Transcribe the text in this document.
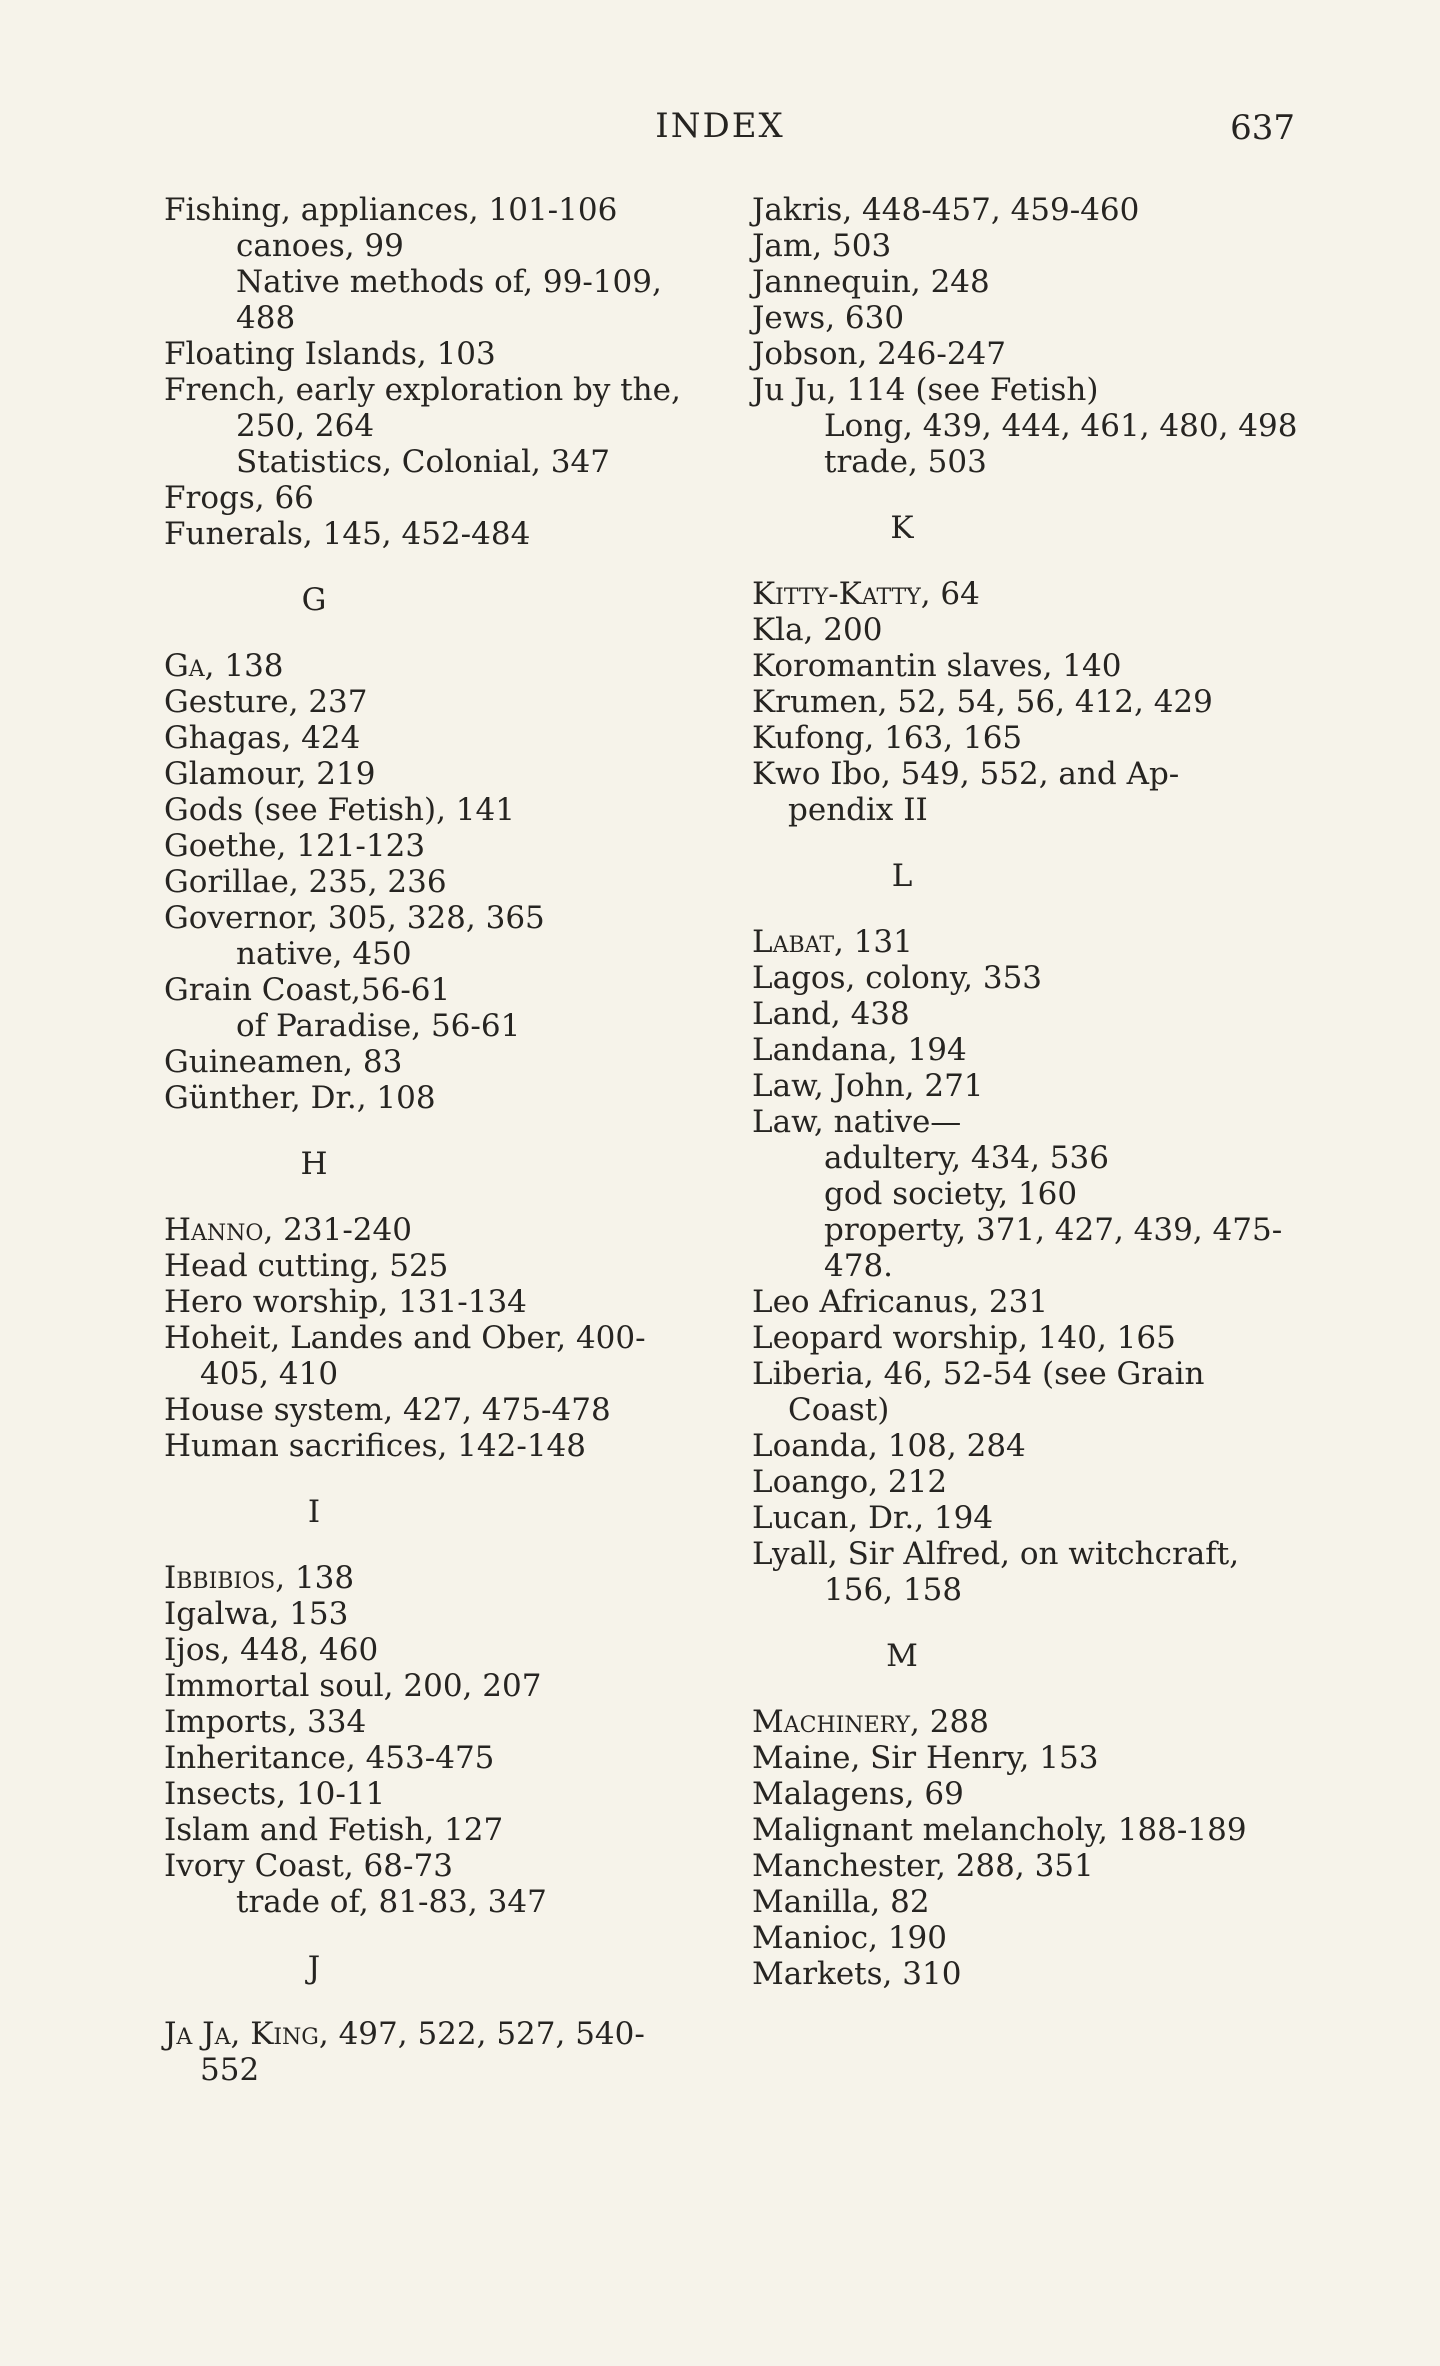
INDEX	637
Fishing, appliances, 101-106
canoes, 99
Native methods of, 99-109,
488
Floating Islands, 103
French, early exploration by the,
250, 264
Statistics, Colonial, 347
Frogs, 66
Funerals, 145, 452-484
G
Ga, 138
Gesture, 237
Ghagas, 424
Glamour, 219
Gods (see Fetish), 141
Goethe, 121-123
Gorillae, 235, 236
Governor, 305, 328, 365
native, 450
Grain Coast,56-61
of Paradise, 56-61
Guineamen, 83
Günther, Dr., 108
H
Hanno, 231-240
Head cutting, 525
Hero worship, 131-134
Hoheit, Landes and Ober, 400-
405, 410
House system, 427, 475-478
Human sacrifices, 142-148
I
Ibbibios, 138
Igalwa, 153
Ijos, 448, 460
Immortal soul, 200, 207
Imports, 334
Inheritance, 453-475
Insects, 10-11
Islam and Fetish, 127
Ivory Coast, 68-73
trade of, 81-83, 347
J
Ja Ja, King, 497, 522, 527, 540-
552
Jakris, 448-457, 459-460
Jam, 503
Jannequin, 248
Jews, 630
Jobson, 246-247
Ju Ju, 114 (see Fetish)
Long, 439, 444, 461, 480, 498
trade, 503
K
Kitty-Katty, 64
Kla, 200
Koromantin slaves, 140
Krumen, 52, 54, 56, 412, 429
Kufong, 163, 165
Kwo Ibo, 549, 552, and Ap-
pendix II
L
Labat, 131
Lagos, colony, 353
Land, 438
Landana, 194
Law, John, 271
Law, native—
adultery, 434, 536
god society, 160
property, 371, 427, 439, 475-
478.
Leo Africanus, 231
Leopard worship, 140, 165
Liberia, 46, 52-54 (see Grain
Coast)
Loanda, 108, 284
Loango, 212
Lucan, Dr., 194
Lyall, Sir Alfred, on witchcraft,
156, 158
M
Machinery, 288
Maine, Sir Henry, 153
Malagens, 69
Malignant melancholy, 188-189
Manchester, 288, 351
Manilla, 82
Manioc, 190
Markets, 310
